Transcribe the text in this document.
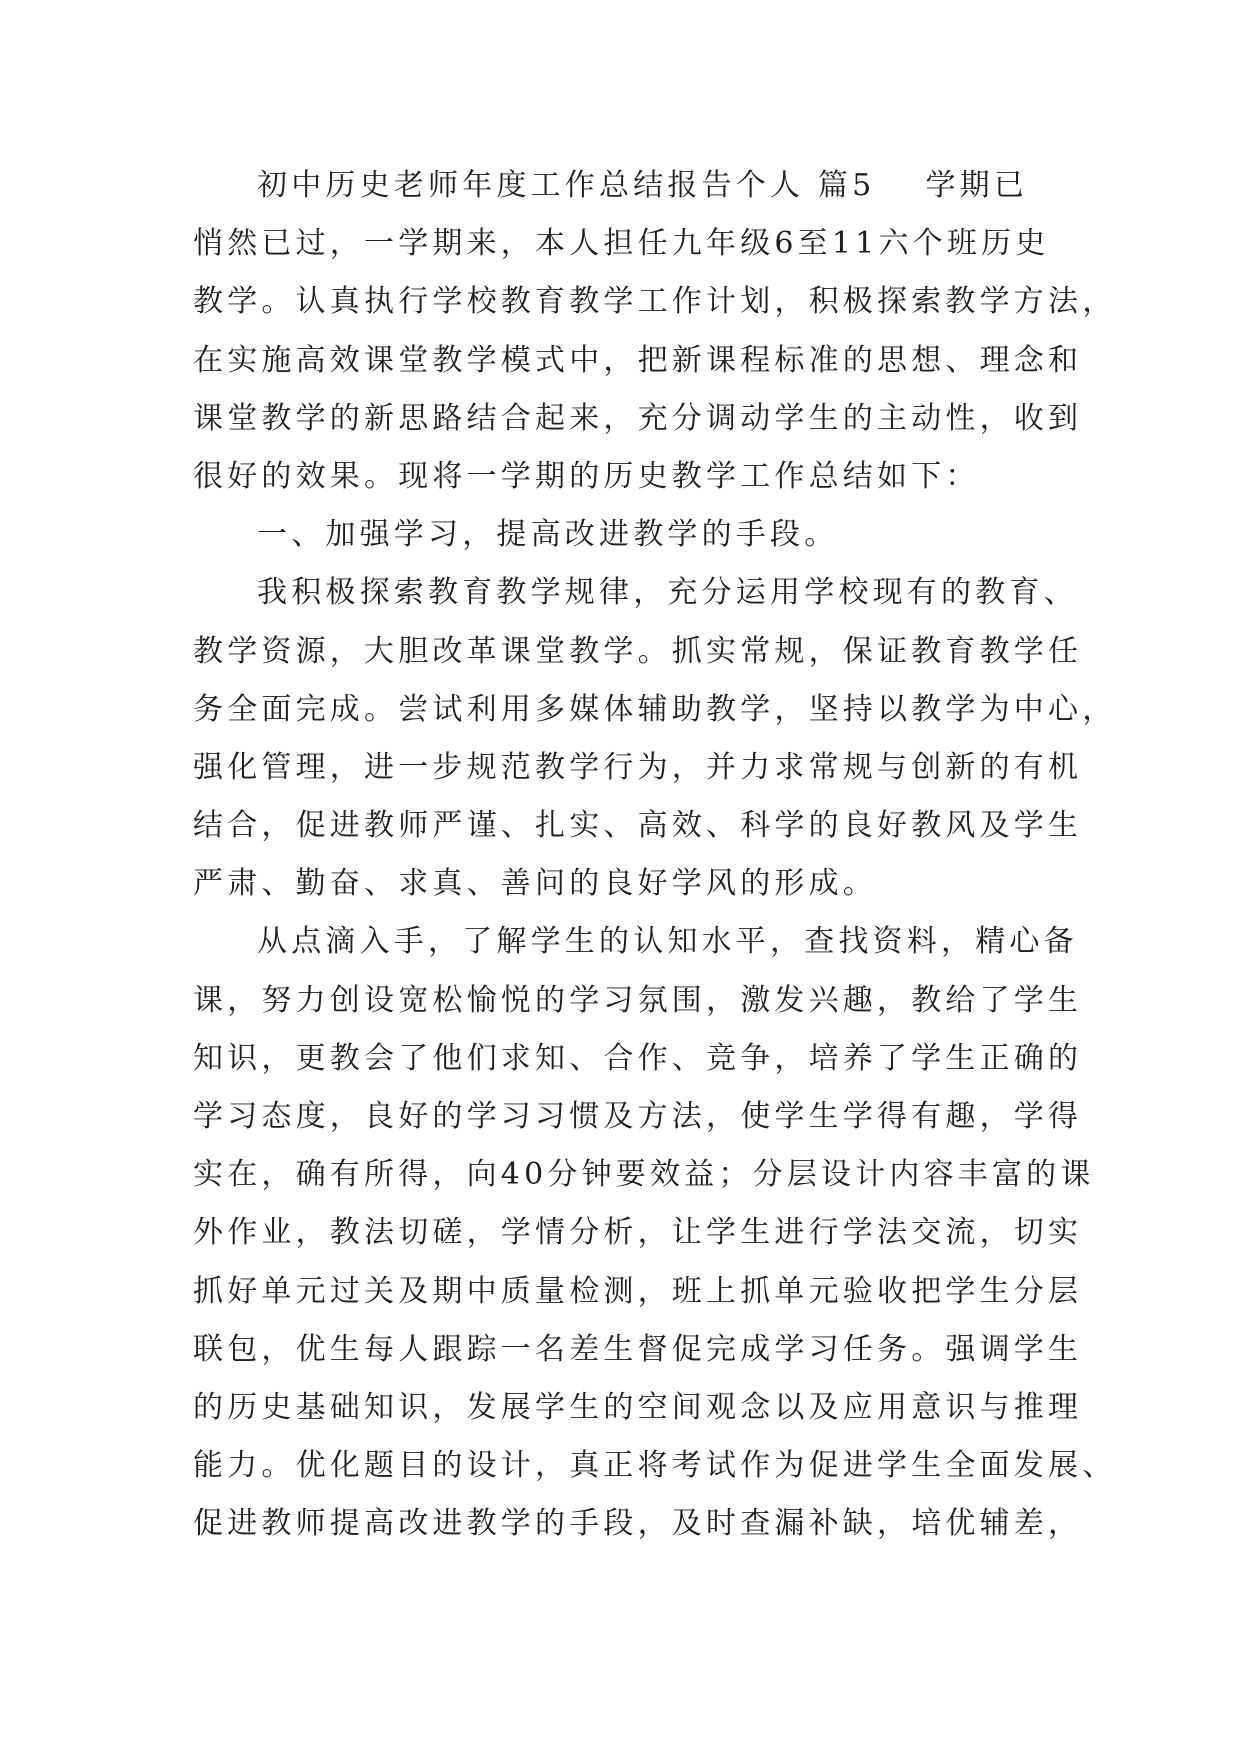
初中历史老师年度工作总结报告个人 篇5 学期已

悄然已过，一学期来，本人担任九年级6至11六个班历史

教学。认真执行学校教育教学工作计划，积极探索教学方法，

在实施高效课堂教学模式中，把新课程标准的思想、理念和

课堂教学的新思路结合起来，充分调动学生的主动性，收到

很好的效果。现将一学期的历史教学工作总结如下：

一、加强学习，提高改进教学的手段。

我积极探索教育教学规律，充分运用学校现有的教育、

教学资源，大胆改革课堂教学。抓实常规，保证教育教学任

务全面完成。尝试利用多媒体辅助教学，坚持以教学为中心，

强化管理，进一步规范教学行为，并力求常规与创新的有机

结合，促进教师严谨、扎实、高效、科学的良好教风及学生

严肃、勤奋、求真、善问的良好学风的形成。

从点滴入手，了解学生的认知水平，查找资料，精心备

课，努力创设宽松愉悦的学习氛围，激发兴趣，教给了学生

知识，更教会了他们求知、合作、竞争，培养了学生正确的

学习态度，良好的学习习惯及方法，使学生学得有趣，学得

实在，确有所得，向40分钟要效益；分层设计内容丰富的课

外作业，教法切磋，学情分析，让学生进行学法交流，切实

抓好单元过关及期中质量检测，班上抓单元验收把学生分层

联包，优生每人跟踪一名差生督促完成学习任务。强调学生

的历史基础知识，发展学生的空间观念以及应用意识与推理

能力。优化题目的设计，真正将考试作为促进学生全面发展、

促进教师提高改进教学的手段，及时查漏补缺，培优辅差，
